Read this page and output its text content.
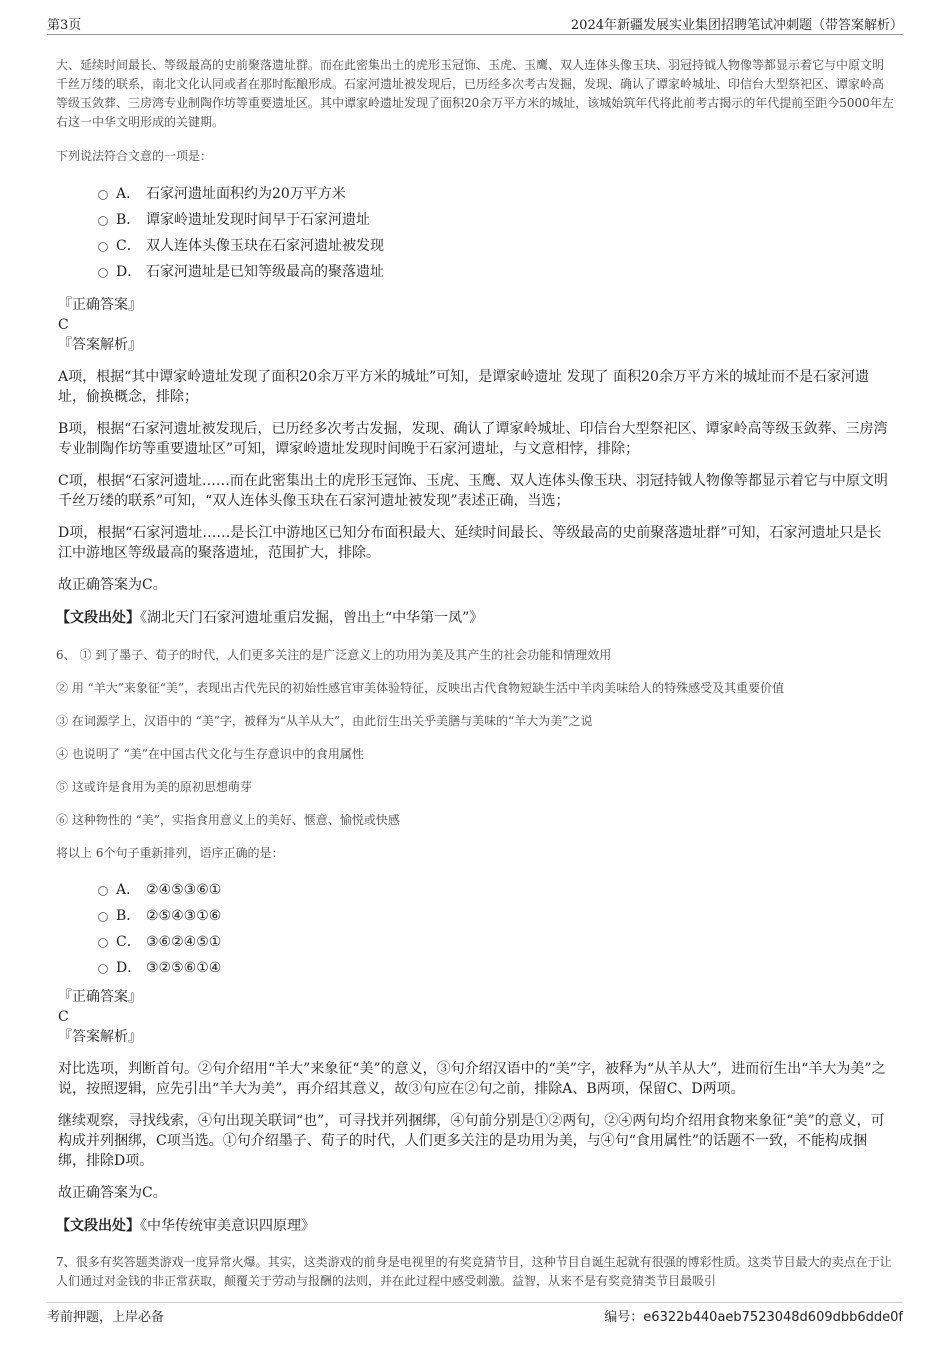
第3页	2024年新疆发展实业集团招聘笔试冲刺题（带答案解析）

大、延续时间最长、等级最高的史前聚落遗址群。而在此密集出土的虎形玉冠饰、玉虎、玉鹰、双人连体头像玉玦、羽冠持钺人物像等都显示着它与中原文明千丝万缕的联系，南北文化认同或者在那时酝酿形成。石家河遗址被发现后，已历经多次考古发掘，发现、确认了谭家岭城址、印信台大型祭祀区、谭家岭高等级玉敛葬、三房湾专业制陶作坊等重要遗址区。其中谭家岭遗址发现了面积20余万平方米的城址，该城始筑年代将此前考古揭示的年代提前至距今5000年左右这一中华文明形成的关键期。

下列说法符合文意的一项是：

A． 石家河遗址面积约为20万平方米
B． 谭家岭遗址发现时间早于石家河遗址
C． 双人连体头像玉玦在石家河遗址被发现
D． 石家河遗址是已知等级最高的聚落遗址

『正确答案』

C

『答案解析』

A项，根据“其中谭家岭遗址发现了面积20余万平方米的城址”可知，是谭家岭遗址 发现了 面积20余万平方米的城址而不是石家河遗址，偷换概念，排除；

B项，根据“石家河遗址被发现后，已历经多次考古发掘，发现、确认了谭家岭城址、印信台大型祭祀区、谭家岭高等级玉敛葬、三房湾专业制陶作坊等重要遗址区”可知，谭家岭遗址发现时间晚于石家河遗址，与文意相悖，排除；

C项，根据“石家河遗址……而在此密集出土的虎形玉冠饰、玉虎、玉鹰、双人连体头像玉玦、羽冠持钺人物像等都显示着它与中原文明千丝万缕的联系”可知，“双人连体头像玉玦在石家河遗址被发现”表述正确，当选；

D项，根据“石家河遗址……是长江中游地区已知分布面积最大、延续时间最长、等级最高的史前聚落遗址群”可知，石家河遗址只是长江中游地区等级最高的聚落遗址，范围扩大，排除。

故正确答案为C。

【文段出处】《湖北天门石家河遗址重启发掘，曾出土“中华第一凤”》

6、 ① 到了墨子、荀子的时代，人们更多关注的是广泛意义上的功用为美及其产生的社会功能和情理效用

② 用 “羊大”来象征“美”，表现出古代先民的初始性感官审美体验特征，反映出古代食物短缺生活中羊肉美味给人的特殊感受及其重要价值

③ 在词源学上，汉语中的 “美”字，被释为“从羊从大”，由此衍生出关乎美膳与美味的“羊大为美”之说

④ 也说明了 “美”在中国古代文化与生存意识中的食用属性

⑤ 这或许是食用为美的原初思想萌芽

⑥ 这种物性的 “美”，实指食用意义上的美好、惬意、愉悦或快感

将以上 6个句子重新排列，语序正确的是：

A． ②④⑤③⑥①
B． ②⑤④③①⑥
C． ③⑥②④⑤①
D． ③②⑤⑥①④

『正确答案』

C

『答案解析』

对比选项，判断首句。②句介绍用“羊大”来象征“美”的意义，③句介绍汉语中的“美”字，被释为“从羊从大”，进而衍生出“羊大为美”之说，按照逻辑，应先引出“羊大为美”，再介绍其意义，故③句应在②句之前，排除A、B两项，保留C、D两项。

继续观察，寻找线索，④句出现关联词“也”，可寻找并列捆绑，④句前分别是①②两句，②④两句均介绍用食物来象征“美”的意义，可构成并列捆绑，C项当选。①句介绍墨子、荀子的时代，人们更多关注的是功用为美，与④句“食用属性”的话题不一致，不能构成捆绑，排除D项。

故正确答案为C。

【文段出处】《中华传统审美意识四原理》

7、很多有奖答题类游戏一度异常火爆。其实，这类游戏的前身是电视里的有奖竞猜节目，这种节目自诞生起就有很强的博彩性质。这类节目最大的卖点在于让人们通过对金钱的非正常获取，颠覆关于劳动与报酬的法则，并在此过程中感受刺激。益智，从来不是有奖竞猜类节目最吸引

考前押题，上岸必备	编号：e6322b440aeb7523048d609dbb6dde0f
